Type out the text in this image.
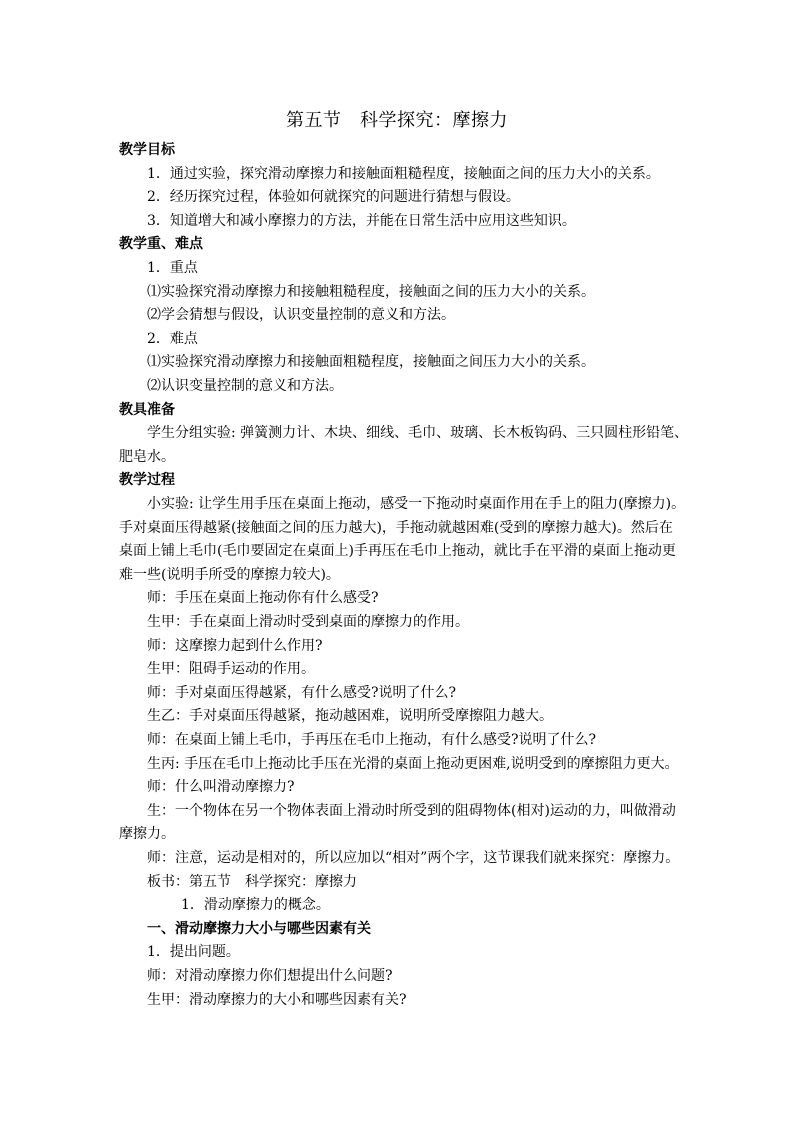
第五节　科学探究：摩擦力
教学目标
1．通过实验，探究滑动摩擦力和接触面粗糙程度，接触面之间的压力大小的关系。
2．经历探究过程，体验如何就探究的问题进行猜想与假设。
3．知道增大和减小摩擦力的方法，并能在日常生活中应用这些知识。
教学重、难点
1．重点
⑴实验探究滑动摩擦力和接触粗糙程度，接触面之间的压力大小的关系。
⑵学会猜想与假设，认识变量控制的意义和方法。
2．难点
⑴实验探究滑动摩擦力和接触面粗糙程度，接触面之间压力大小的关系。
⑵认识变量控制的意义和方法。
教具准备
学生分组实验: 弹簧测力计、木块、细线、毛巾、玻璃、长木板钩码、三只圆柱形铅笔、
肥皂水。
教学过程
小实验: 让学生用手压在桌面上拖动，感受一下拖动时桌面作用在手上的阻力(摩擦力)。
手对桌面压得越紧(接触面之间的压力越大)，手拖动就越困难(受到的摩擦力越大)。然后在
桌面上铺上毛巾(毛巾要固定在桌面上)手再压在毛巾上拖动，就比手在平滑的桌面上拖动更
难一些(说明手所受的摩擦力较大)。
师：手压在桌面上拖动你有什么感受?
生甲：手在桌面上滑动时受到桌面的摩擦力的作用。
师：这摩擦力起到什么作用?
生甲：阻碍手运动的作用。
师：手对桌面压得越紧，有什么感受?说明了什么?
生乙：手对桌面压得越紧，拖动越困难，说明所受摩擦阻力越大。
师：在桌面上铺上毛巾，手再压在毛巾上拖动，有什么感受?说明了什么?
生丙: 手压在毛巾上拖动比手压在光滑的桌面上拖动更困难,说明受到的摩擦阻力更大。
师：什么叫滑动摩擦力?
生：一个物体在另一个物体表面上滑动时所受到的阻碍物体(相对)运动的力，叫做滑动
摩擦力。
师：注意，运动是相对的，所以应加以“相对”两个字，这节课我们就来探究：摩擦力。
板书：第五节　科学探究：摩擦力
1．滑动摩擦力的概念。
一、滑动摩擦力大小与哪些因素有关
1．提出问题。
师：对滑动摩擦力你们想提出什么问题?
生甲：滑动摩擦力的大小和哪些因素有关?
